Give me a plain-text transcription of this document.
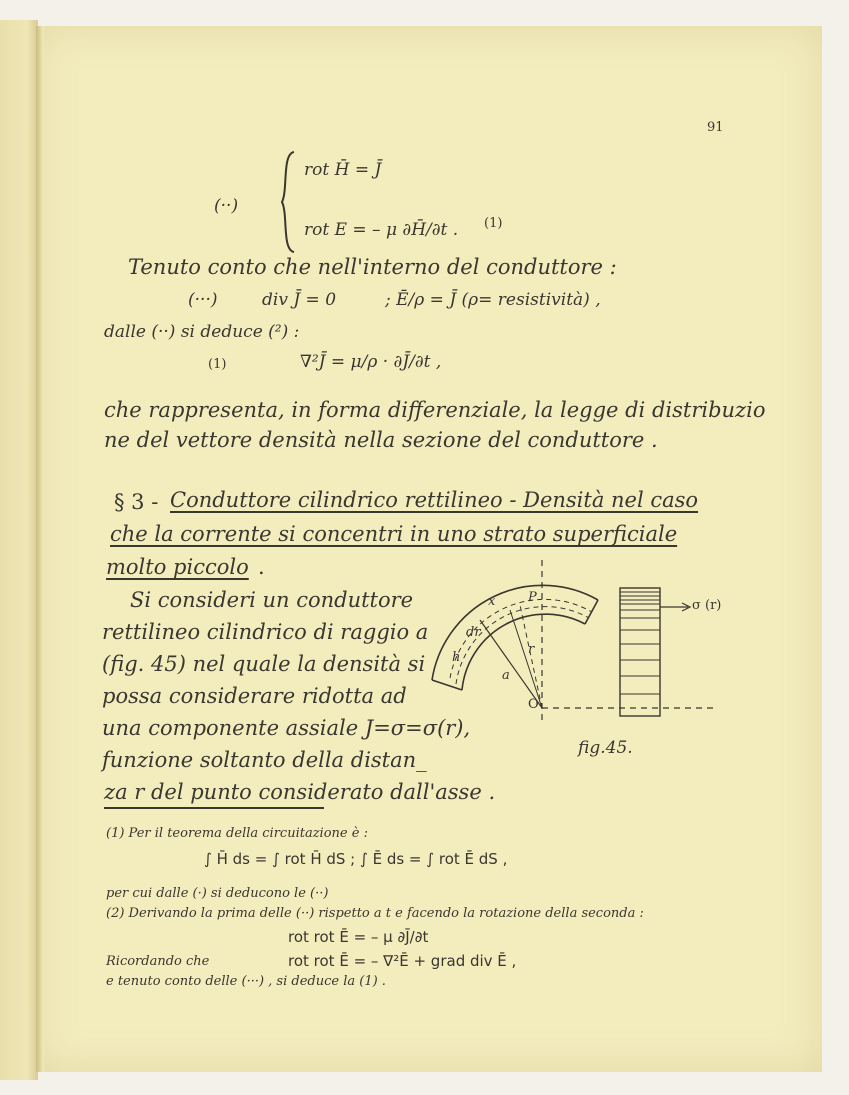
91
(··)
rot H̄ = J̄
rot E = – μ ∂H̄/∂t . (1)
Tenuto conto che nell'interno del conduttore :
(···)	div J̄ = 0	; Ē/ρ = J̄ (ρ= resistività) ,
dalle (··) si deduce (²) :
(1)	∇²J̄ = μ/ρ · ∂J̄/∂t ,
che rappresenta, in forma differenziale, la legge di distribuzio
ne del vettore densità nella sezione del conduttore .
§ 3 - Conduttore cilindrico rettilineo - Densità nel caso
che la corrente si concentri in uno strato superficiale
molto piccolo .
Si consideri un conduttore
rettilineo cilindrico di raggio a
(fig. 45) nel quale la densità si
possa considerare ridotta ad
una componente assiale J=σ=σ(r),
funzione soltanto della distan_
za r del punto considerato dall'asse .
P
a
r
O
h
dr
x	σ (r)
fig.45.
(1) Per il teorema della circuitazione è :
∫ H̄ ds = ∫ rot H̄ dS ; ∫ Ē ds = ∫ rot Ē dS ,
per cui dalle (·) si deducono le (··)
(2) Derivando la prima delle (··) rispetto a t e facendo la rotazione della seconda :
rot rot Ē = – μ ∂J̄/∂t
Ricordando che	rot rot Ē = – ∇²Ē + grad div Ē ,
e tenuto conto delle (···) , si deduce la (1) .
